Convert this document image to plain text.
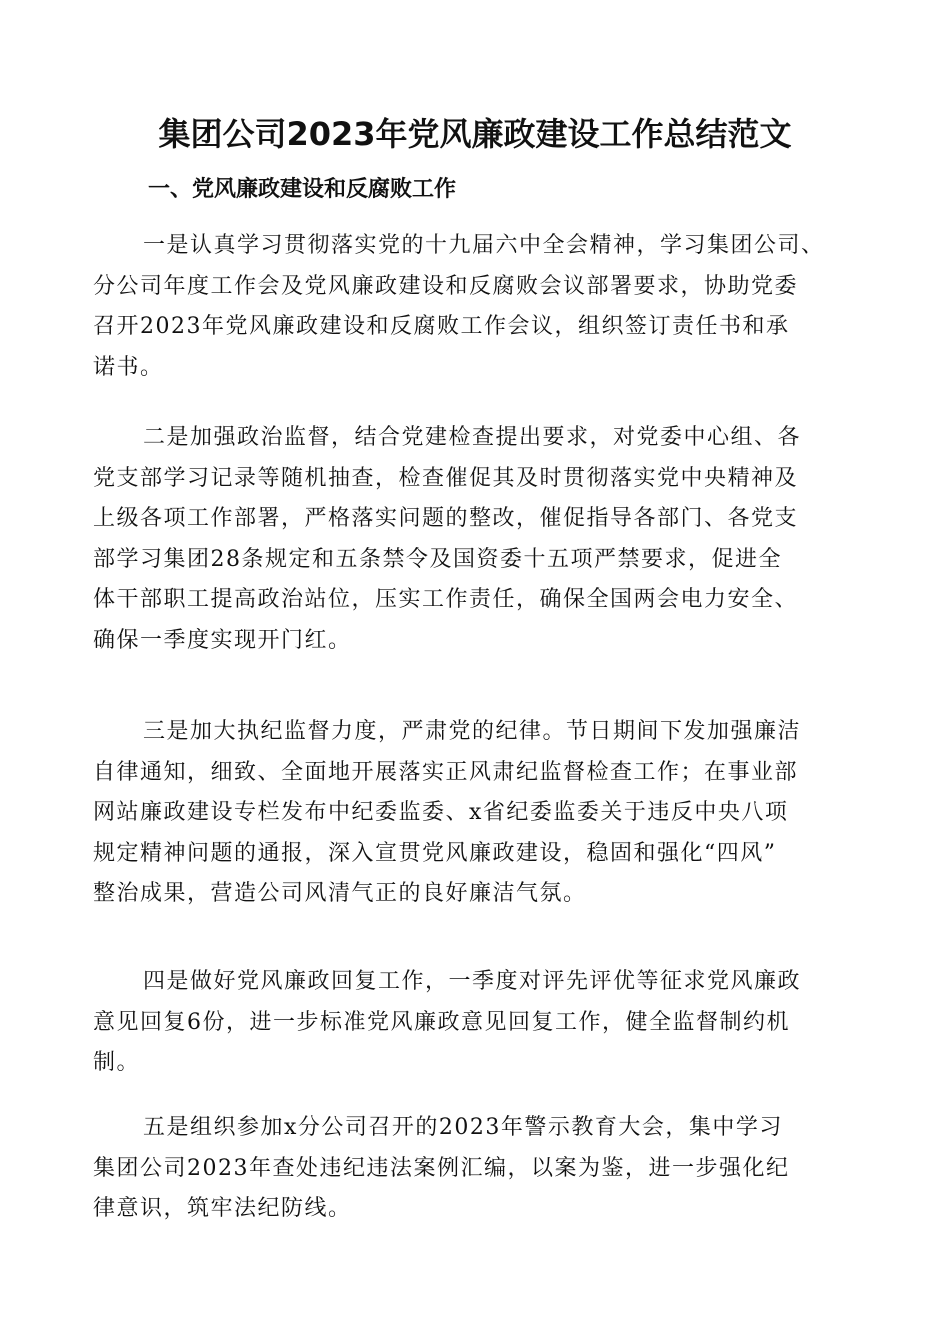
集团公司2023年党风廉政建设工作总结范文
一、党风廉政建设和反腐败工作

一是认真学习贯彻落实党的十九届六中全会精神，学习集团公司、
分公司年度工作会及党风廉政建设和反腐败会议部署要求，协助党委
召开2023年党风廉政建设和反腐败工作会议，组织签订责任书和承
诺书。

二是加强政治监督，结合党建检查提出要求，对党委中心组、各
党支部学习记录等随机抽查，检查催促其及时贯彻落实党中央精神及
上级各项工作部署，严格落实问题的整改，催促指导各部门、各党支
部学习集团28条规定和五条禁令及国资委十五项严禁要求，促进全
体干部职工提高政治站位，压实工作责任，确保全国两会电力安全、
确保一季度实现开门红。

三是加大执纪监督力度，严肃党的纪律。节日期间下发加强廉洁
自律通知，细致、全面地开展落实正风肃纪监督检查工作；在事业部
网站廉政建设专栏发布中纪委监委、x省纪委监委关于违反中央八项
规定精神问题的通报，深入宣贯党风廉政建设，稳固和强化“四风”
整治成果，营造公司风清气正的良好廉洁气氛。

四是做好党风廉政回复工作，一季度对评先评优等征求党风廉政
意见回复6份，进一步标准党风廉政意见回复工作，健全监督制约机
制。

五是组织参加x分公司召开的2023年警示教育大会，集中学习
集团公司2023年查处违纪违法案例汇编，以案为鉴，进一步强化纪
律意识，筑牢法纪防线。
